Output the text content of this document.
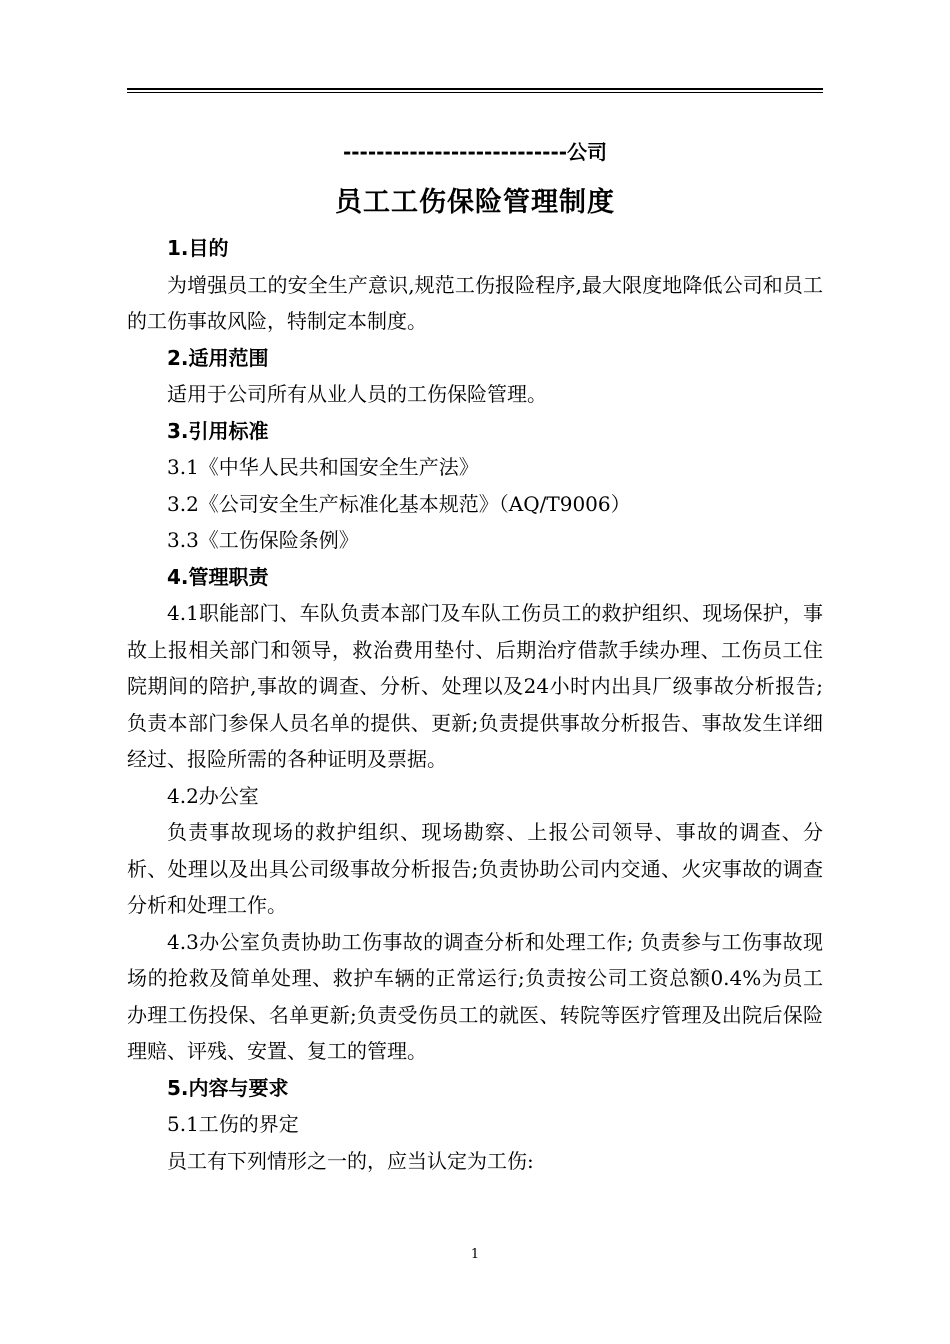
---------------------------公司
员工工伤保险管理制度

1.目的

为增强员工的安全生产意识,规范工伤报险程序,最大限度地降低公司和员工的工伤事故风险，特制定本制度。

2.适用范围

适用于公司所有从业人员的工伤保险管理。

3.引用标准

3.1《中华人民共和国安全生产法》

3.2《公司安全生产标准化基本规范》（AQ/T9006）

3.3《工伤保险条例》

4.管理职责

4.1职能部门、车队负责本部门及车队工伤员工的救护组织、现场保护，事故上报相关部门和领导，救治费用垫付、后期治疗借款手续办理、工伤员工住院期间的陪护,事故的调查、分析、处理以及24小时内出具厂级事故分析报告;负责本部门参保人员名单的提供、更新;负责提供事故分析报告、事故发生详细经过、报险所需的各种证明及票据。

4.2办公室

负责事故现场的救护组织、现场勘察、上报公司领导、事故的调查、分析、处理以及出具公司级事故分析报告;负责协助公司内交通、火灾事故的调查分析和处理工作。

4.3办公室负责协助工伤事故的调查分析和处理工作; 负责参与工伤事故现场的抢救及简单处理、救护车辆的正常运行;负责按公司工资总额0.4%为员工办理工伤投保、名单更新;负责受伤员工的就医、转院等医疗管理及出院后保险理赔、评残、安置、复工的管理。

5.内容与要求

5.1工伤的界定

员工有下列情形之一的，应当认定为工伤:

1
